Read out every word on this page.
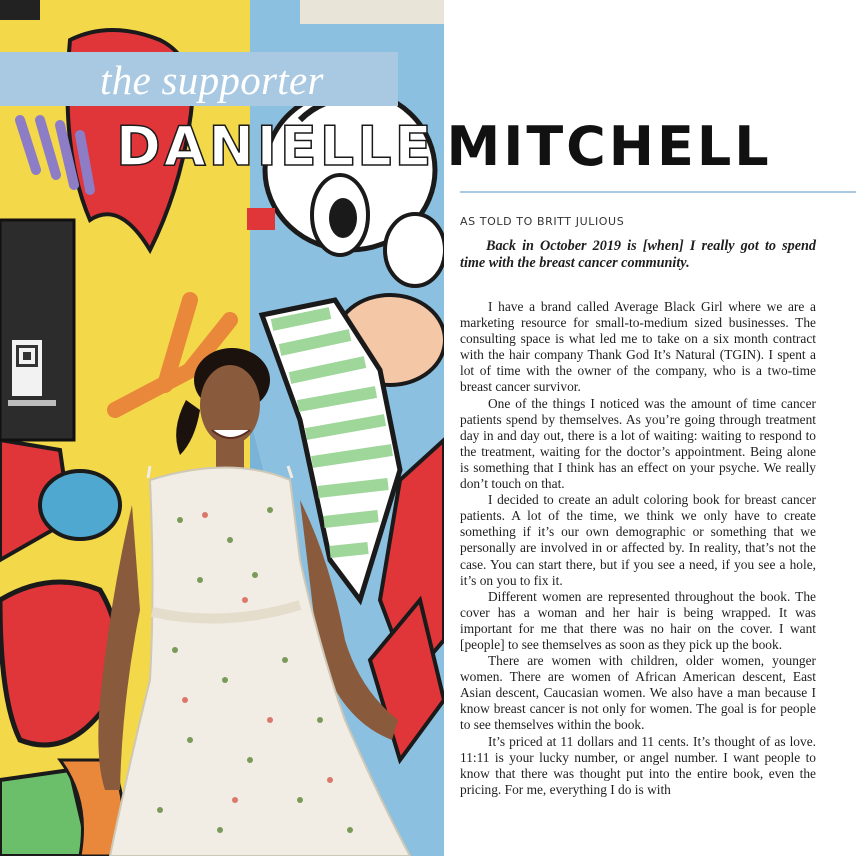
the supporter
DANIELLE MITCHELL
AS TOLD TO BRITT JULIOUS

Back in October 2019 is [when] I really got to spend time with the breast cancer community.

I have a brand called Average Black Girl where we are a marketing resource for small-to-medium sized businesses. The consulting space is what led me to take on a six month contract with the hair company Thank God It’s Natural (TGIN). I spent a lot of time with the owner of the company, who is a two-time breast cancer survivor.

One of the things I noticed was the amount of time cancer patients spend by themselves. As you’re going through treatment day in and day out, there is a lot of waiting: waiting to respond to the treatment, waiting for the doctor’s appointment. Being alone is something that I think has an effect on your psyche. We really don’t touch on that.

I decided to create an adult coloring book for breast cancer patients. A lot of the time, we think we only have to create something if it’s our own demographic or something that we personally are involved in or affected by. In reality, that’s not the case. You can start there, but if you see a need, if you see a hole, it’s on you to fix it.

Different women are represented throughout the book. The cover has a woman and her hair is being wrapped. It was important for me that there was no hair on the cover. I want [people] to see themselves as soon as they pick up the book.

There are women with children, older women, younger women. There are women of African American descent, East Asian descent, Caucasian women. We also have a man because I know breast cancer is not only for women. The goal is for people to see themselves within the book.

It’s priced at 11 dollars and 11 cents. It’s thought of as love. 11:11 is your lucky number, or angel number. I want people to know that there was thought put into the entire book, even the pricing. For me, everything I do is with
